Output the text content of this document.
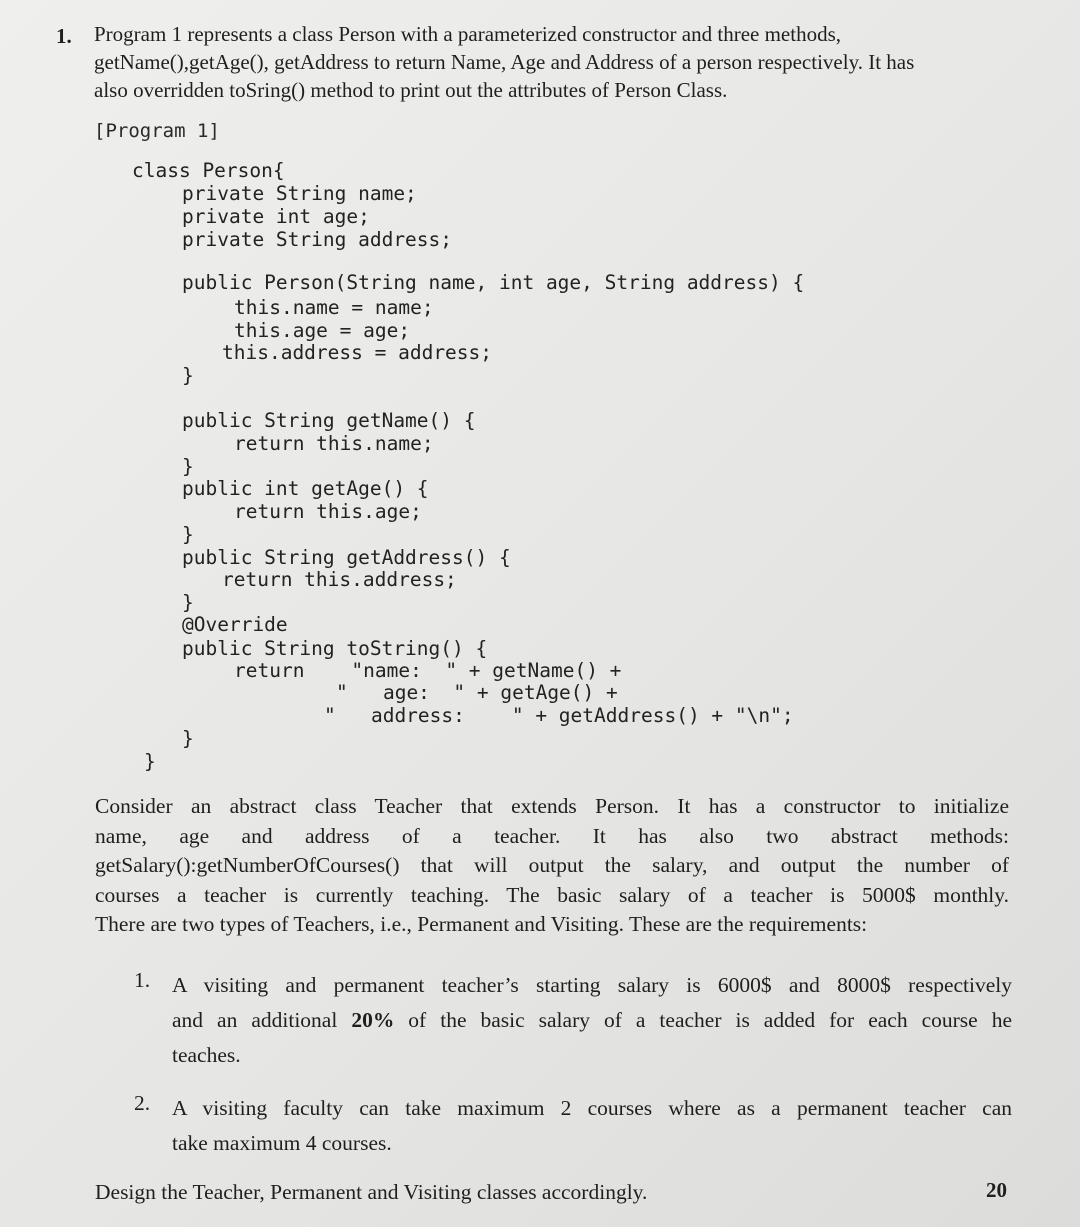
1. Program 1 represents a class Person with a parameterized constructor and three methods,
getName(),getAge(), getAddress to return Name, Age and Address of a person respectively. It has
also overridden toSring() method to print out the attributes of Person Class.
[Program 1]
class Person{
private String name;
private int age;
private String address;
public Person(String name, int age, String address) {
this.name = name;
this.age = age;
this.address = address;
}
public String getName() {
return this.name;
}
public int getAge() {
return this.age;
}
public String getAddress() {
return this.address;
}
@Override
public String toString() {
return    "name:  " + getName() +
"   age:  " + getAge() +
"   address:    " + getAddress() + "\n";
}
}
Consider an abstract class Teacher that extends Person. It has a constructor to initialize
name, age and address of a teacher. It has also two abstract methods:
getSalary():getNumberOfCourses() that will output the salary, and output the number of
courses a teacher is currently teaching. The basic salary of a teacher is 5000$ monthly.
There are two types of Teachers, i.e., Permanent and Visiting. These are the requirements:
1. A visiting and permanent teacher’s starting salary is 6000$ and 8000$ respectively
and an additional 20% of the basic salary of a teacher is added for each course he
teaches.
2. A visiting faculty can take maximum 2 courses where as a permanent teacher can
take maximum 4 courses.
Design the Teacher, Permanent and Visiting classes accordingly.	20
